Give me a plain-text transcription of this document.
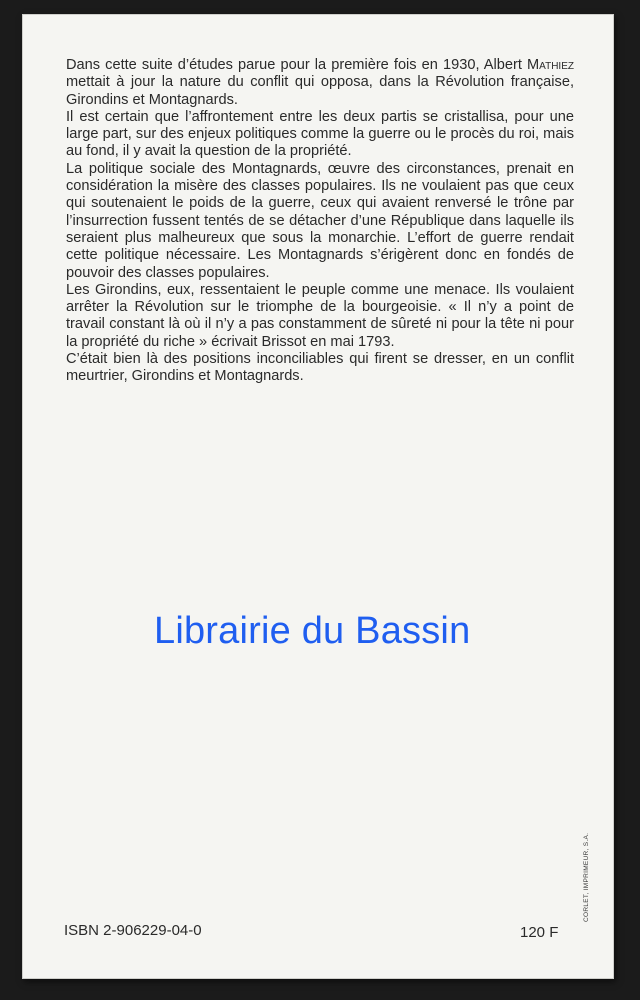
Dans cette suite d’études parue pour la première fois en 1930, Albert Mathiez mettait à jour la nature du conflit qui opposa, dans la Révolution française, Girondins et Montagnards.

Il est certain que l’affrontement entre les deux partis se cristallisa, pour une large part, sur des enjeux politiques comme la guerre ou le procès du roi, mais au fond, il y avait la question de la propriété.

La politique sociale des Montagnards, œuvre des circonstances, prenait en considération la misère des classes populaires. Ils ne voulaient pas que ceux qui soutenaient le poids de la guerre, ceux qui avaient renversé le trône par l’insurrection fussent tentés de se détacher d’une République dans laquelle ils seraient plus malheureux que sous la monarchie. L’effort de guerre rendait cette politique nécessaire. Les Montagnards s’érigèrent donc en fondés de pouvoir des classes populaires.

Les Girondins, eux, ressentaient le peuple comme une menace. Ils voulaient arrêter la Révolution sur le triomphe de la bourgeoisie. « Il n’y a point de travail constant là où il n’y a pas constamment de sûreté ni pour la tête ni pour la propriété du riche » écrivait Brissot en mai 1793.

C’était bien là des positions inconciliables qui firent se dresser, en un conflit meurtrier, Girondins et Montagnards.

Librairie du Bassin
CORLET, IMPRIMEUR, S.A.
ISBN 2-906229-04-0	120 F
